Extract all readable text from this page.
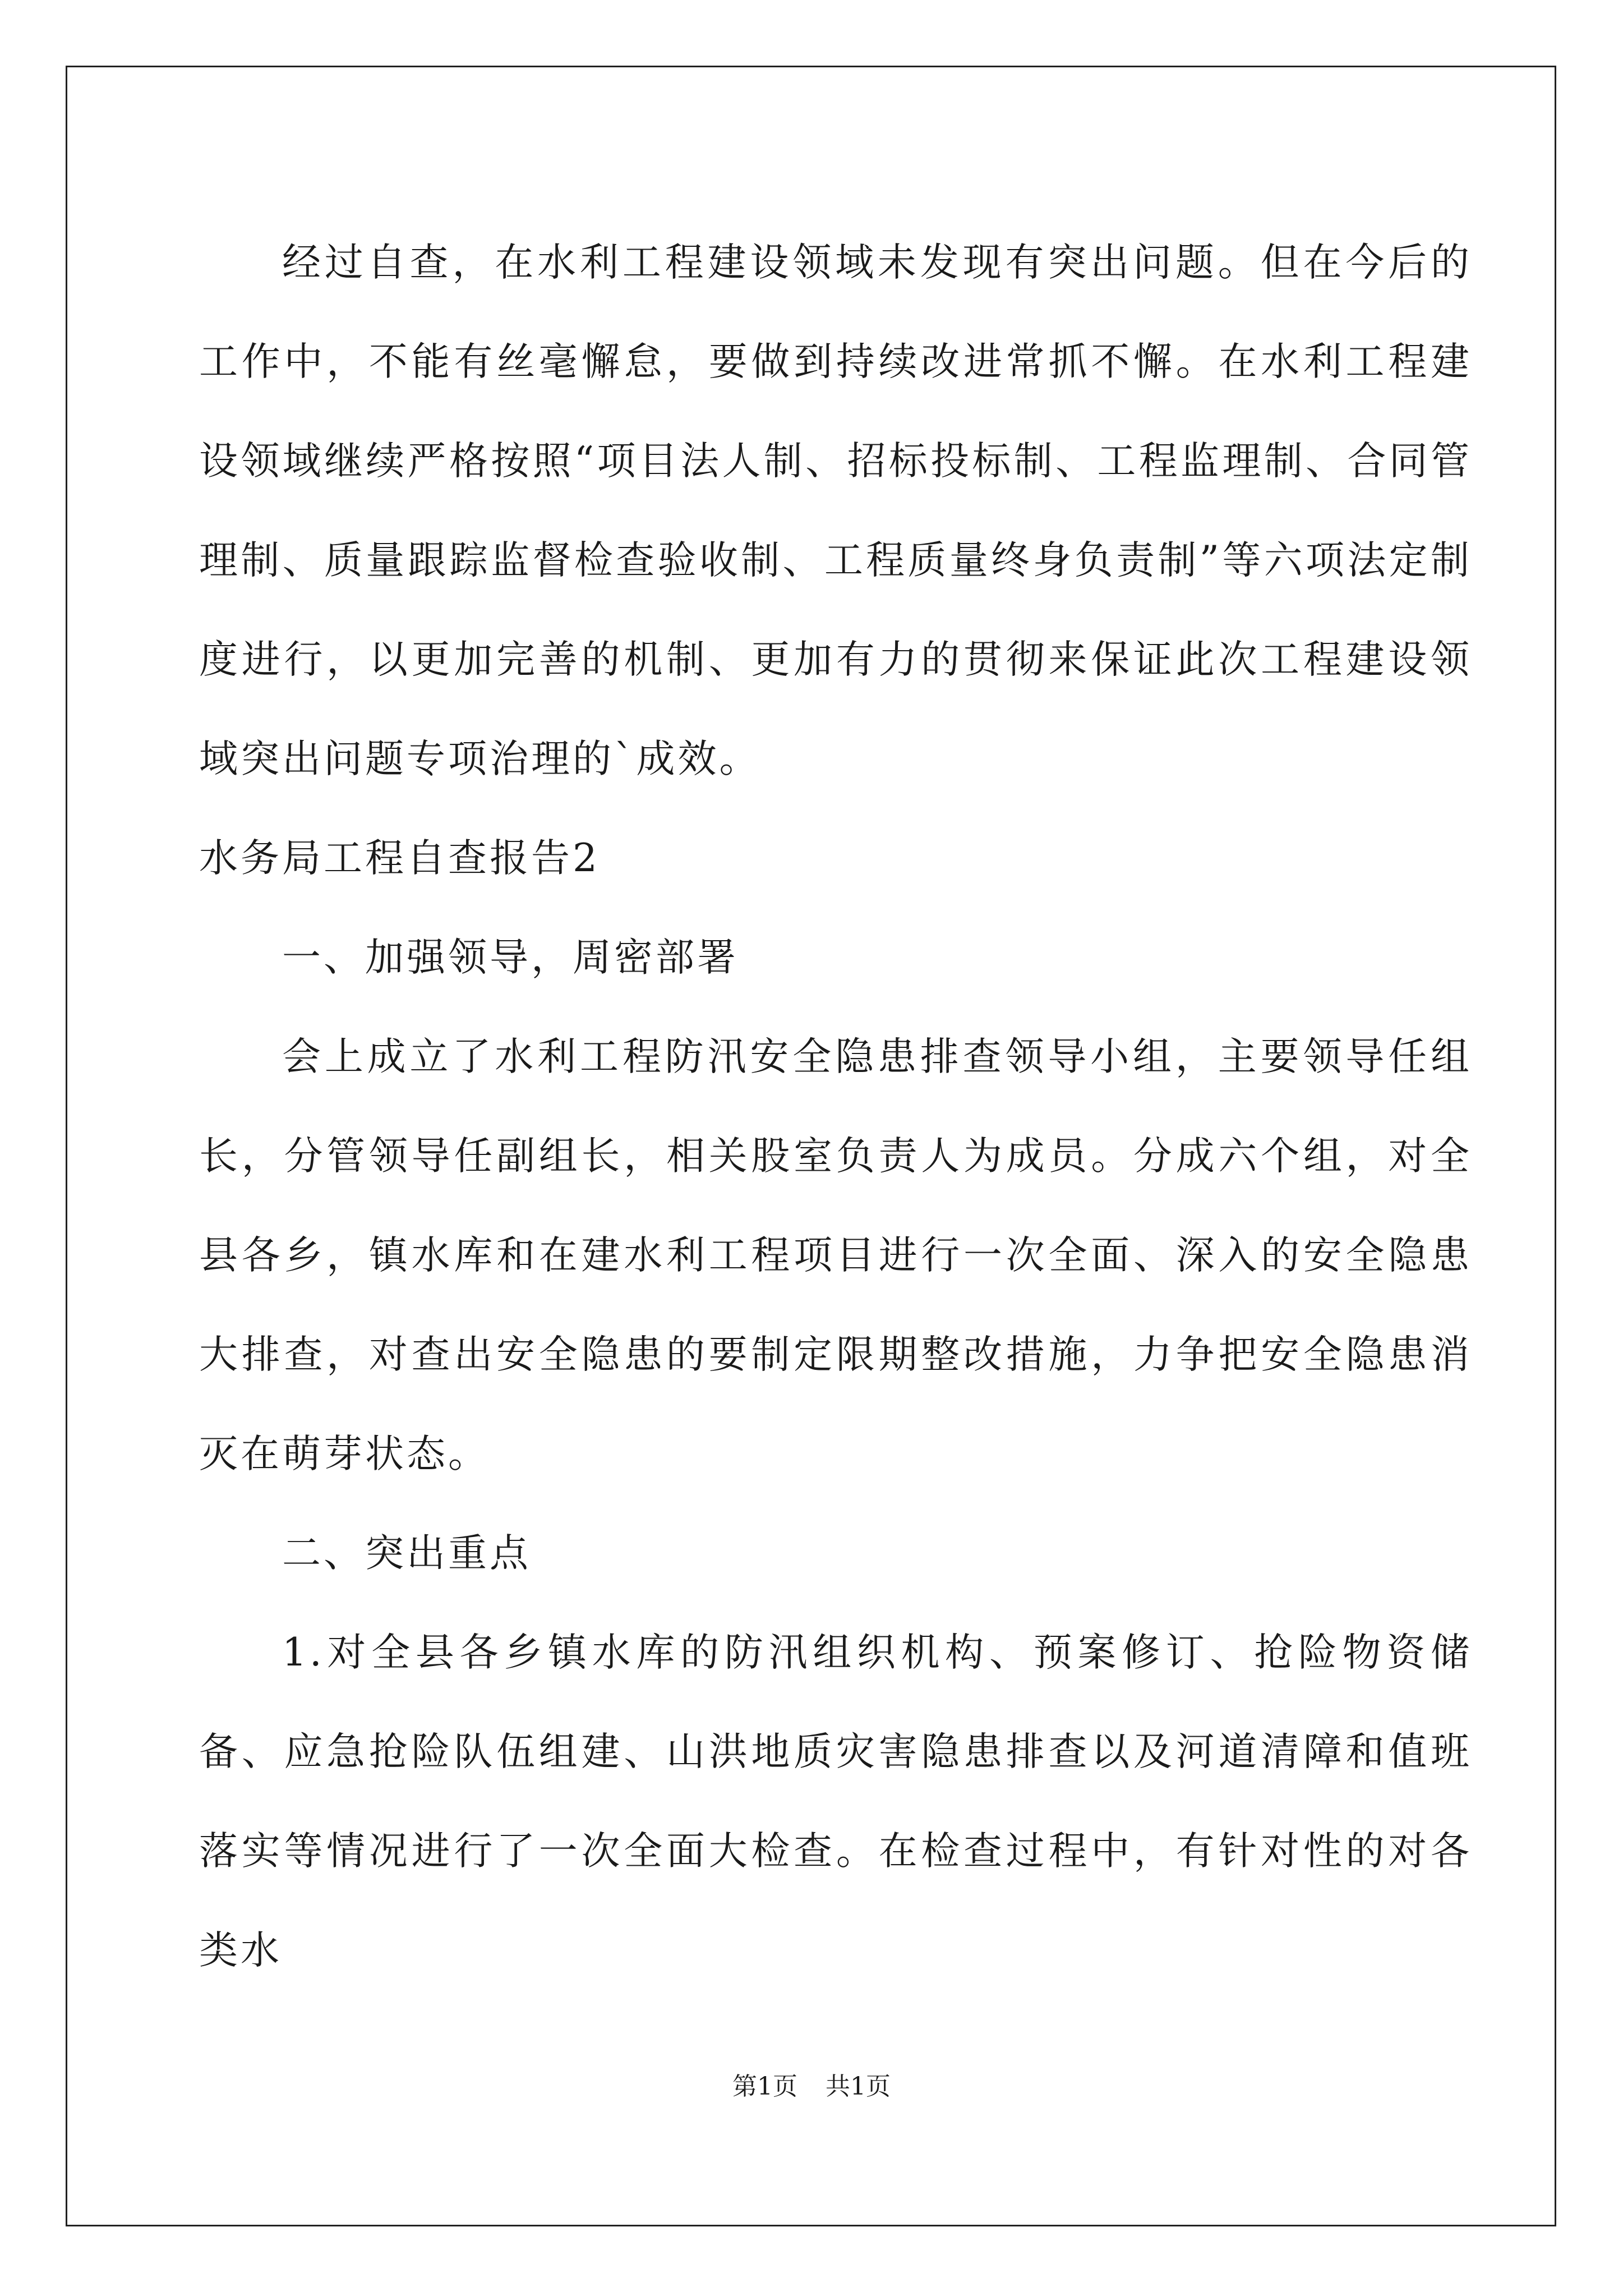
经过自查，在水利工程建设领域未发现有突出问题。但在今后的工作中，不能有丝毫懈怠，要做到持续改进常抓不懈。在水利工程建设领域继续严格按照“项目法人制、招标投标制、工程监理制、合同管理制、质量跟踪监督检查验收制、工程质量终身负责制”等六项法定制度进行，以更加完善的机制、更加有力的贯彻来保证此次工程建设领域突出问题专项治理的`成效。

水务局工程自查报告2

一、加强领导，周密部署

会上成立了水利工程防汛安全隐患排查领导小组，主要领导任组长，分管领导任副组长，相关股室负责人为成员。分成六个组，对全县各乡，镇水库和在建水利工程项目进行一次全面、深入的安全隐患大排查，对查出安全隐患的要制定限期整改措施，力争把安全隐患消灭在萌芽状态。

二、突出重点

1.对全县各乡镇水库的防汛组织机构、预案修订、抢险物资储备、应急抢险队伍组建、山洪地质灾害隐患排查以及河道清障和值班落实等情况进行了一次全面大检查。在检查过程中，有针对性的对各类水

第1页 共1页
